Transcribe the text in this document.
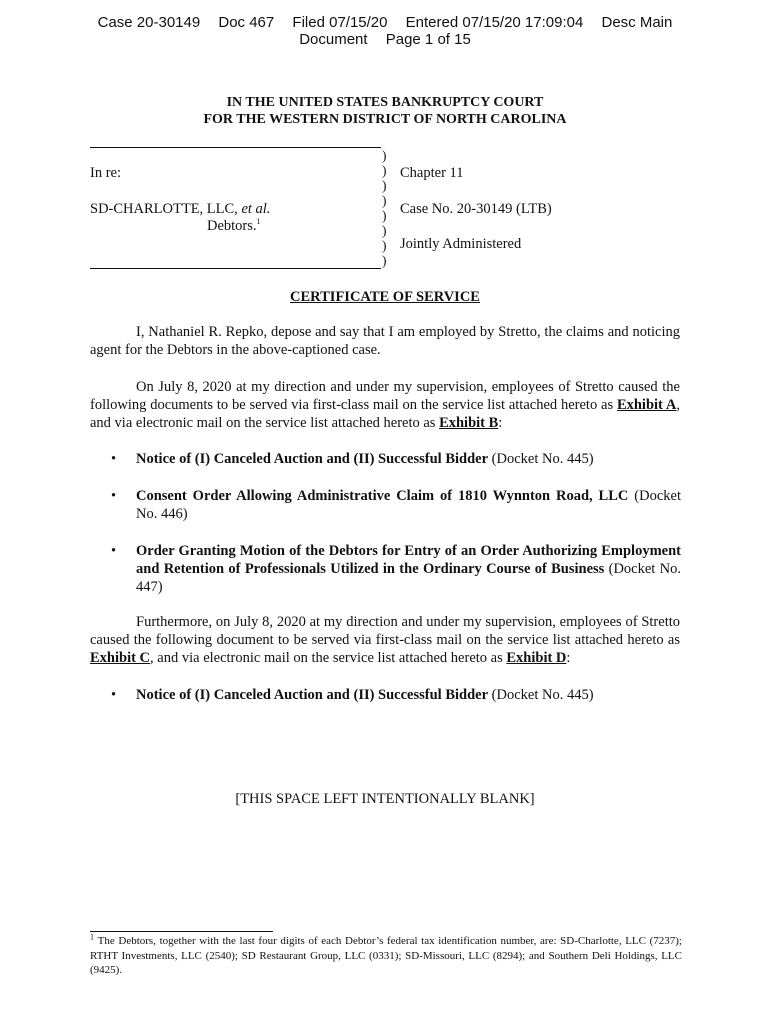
Case 20-30149 Doc 467 Filed 07/15/20 Entered 07/15/20 17:09:04 Desc Main
Document Page 1 of 15
IN THE UNITED STATES BANKRUPTCY COURT
FOR THE WESTERN DISTRICT OF NORTH CAROLINA
)
)
)
)
)
)
)
)
In re:
SD-CHARLOTTE, LLC, et al.
Debtors.$^1$
Chapter 11
Case No. 20-30149 (LTB)
Jointly Administered
CERTIFICATE OF SERVICE
I, Nathaniel R. Repko, depose and say that I am employed by Stretto, the claims and noticing agent for the Debtors in the above-captioned case.
On July 8, 2020 at my direction and under my supervision, employees of Stretto caused the following documents to be served via first-class mail on the service list attached hereto as Exhibit A, and via electronic mail on the service list attached hereto as Exhibit B:
•	Notice of (I) Canceled Auction and (II) Successful Bidder (Docket No. 445)
•	Consent Order Allowing Administrative Claim of 1810 Wynnton Road, LLC (Docket No. 446)
•	Order Granting Motion of the Debtors for Entry of an Order Authorizing Employment and Retention of Professionals Utilized in the Ordinary Course of Business (Docket No. 447)
Furthermore, on July 8, 2020 at my direction and under my supervision, employees of Stretto caused the following document to be served via first-class mail on the service list attached hereto as Exhibit C, and via electronic mail on the service list attached hereto as Exhibit D:
•	Notice of (I) Canceled Auction and (II) Successful Bidder (Docket No. 445)
[THIS SPACE LEFT INTENTIONALLY BLANK]
$^1$ The Debtors, together with the last four digits of each Debtor’s federal tax identification number, are: SD-Charlotte, LLC (7237); RTHT Investments, LLC (2540); SD Restaurant Group, LLC (0331); SD-Missouri, LLC (8294); and Southern Deli Holdings, LLC (9425).
